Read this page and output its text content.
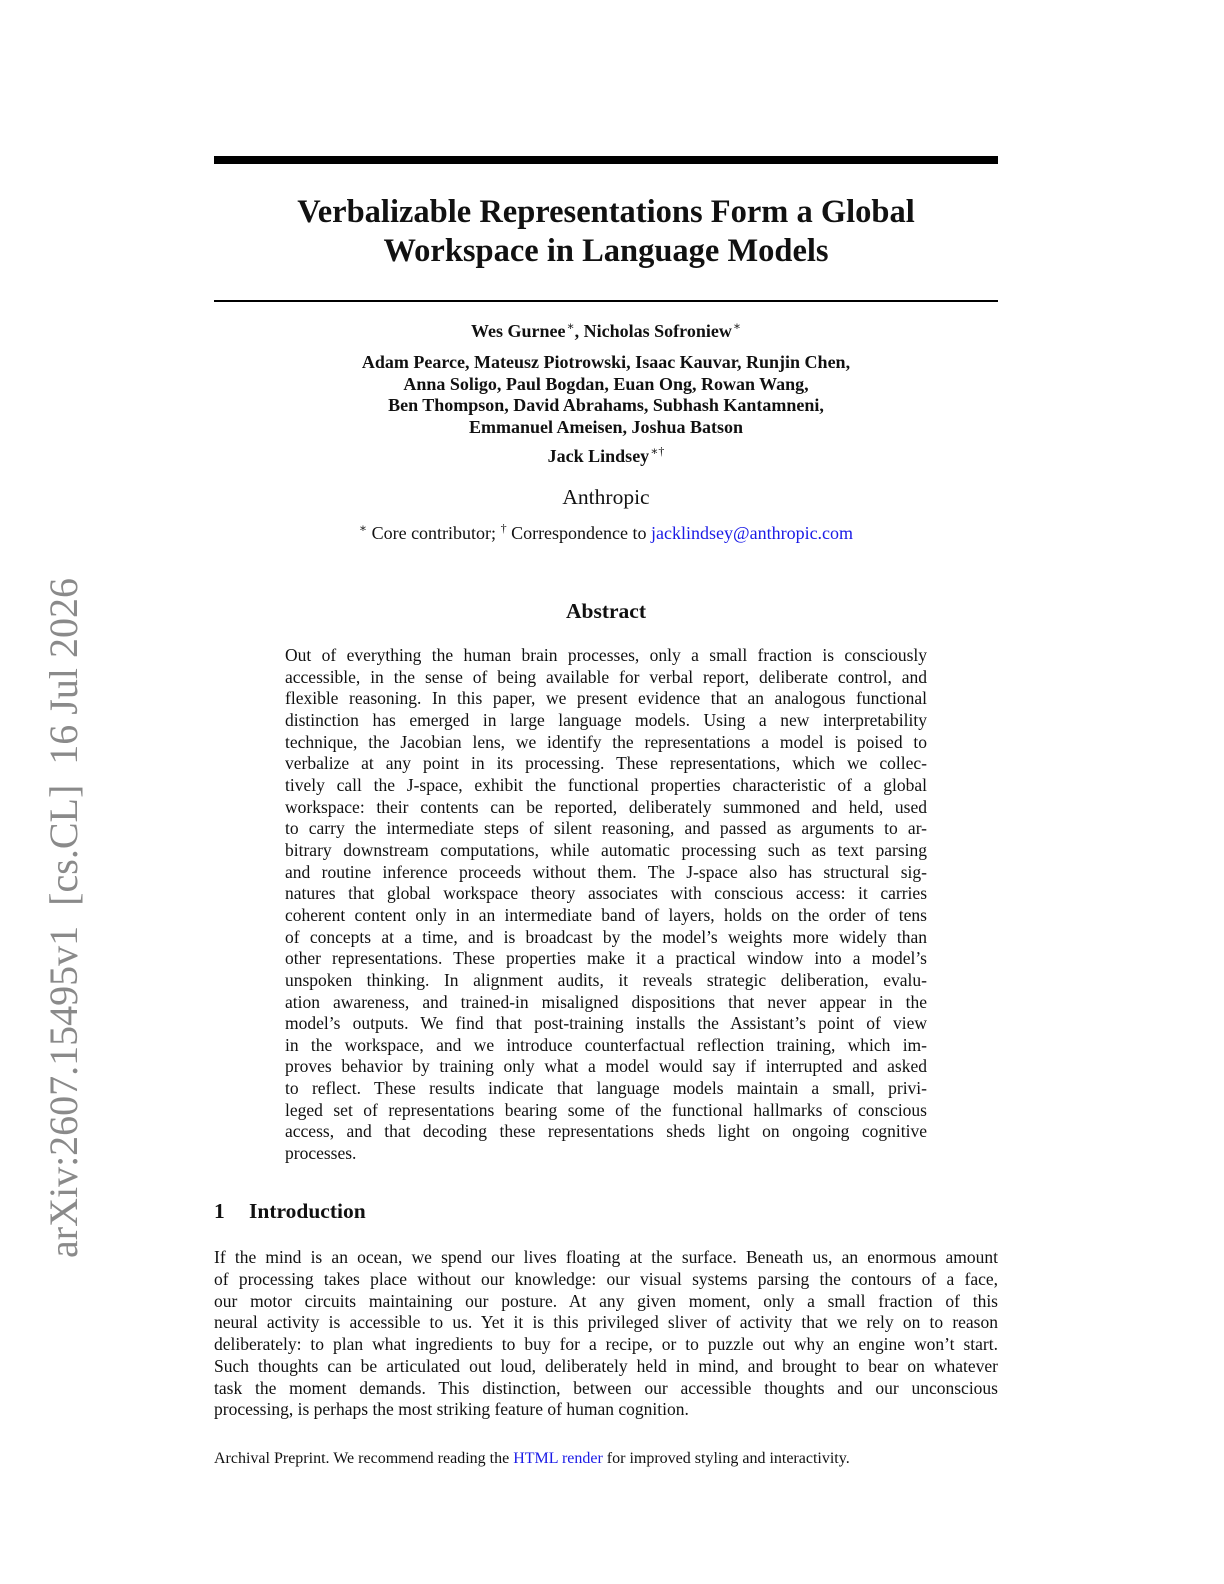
arXiv:2607.15495v1  [cs.CL]  16 Jul 2026
Verbalizable Representations Form a Global
Workspace in Language Models
Wes Gurnee∗, Nicholas Sofroniew∗
Adam Pearce, Mateusz Piotrowski, Isaac Kauvar, Runjin Chen,
Anna Soligo, Paul Bogdan, Euan Ong, Rowan Wang,
Ben Thompson, David Abrahams, Subhash Kantamneni,
Emmanuel Ameisen, Joshua Batson
Jack Lindsey∗†
Anthropic
∗ Core contributor; † Correspondence to jacklindsey@anthropic.com
Abstract
Out of everything the human brain processes, only a small fraction is consciously
accessible, in the sense of being available for verbal report, deliberate control, and
flexible reasoning. In this paper, we present evidence that an analogous functional
distinction has emerged in large language models. Using a new interpretability
technique, the Jacobian lens, we identify the representations a model is poised to
verbalize at any point in its processing. These representations, which we collec-
tively call the J-space, exhibit the functional properties characteristic of a global
workspace: their contents can be reported, deliberately summoned and held, used
to carry the intermediate steps of silent reasoning, and passed as arguments to ar-
bitrary downstream computations, while automatic processing such as text parsing
and routine inference proceeds without them. The J-space also has structural sig-
natures that global workspace theory associates with conscious access: it carries
coherent content only in an intermediate band of layers, holds on the order of tens
of concepts at a time, and is broadcast by the model’s weights more widely than
other representations. These properties make it a practical window into a model’s
unspoken thinking. In alignment audits, it reveals strategic deliberation, evalu-
ation awareness, and trained-in misaligned dispositions that never appear in the
model’s outputs. We find that post-training installs the Assistant’s point of view
in the workspace, and we introduce counterfactual reflection training, which im-
proves behavior by training only what a model would say if interrupted and asked
to reflect. These results indicate that language models maintain a small, privi-
leged set of representations bearing some of the functional hallmarks of conscious
access, and that decoding these representations sheds light on ongoing cognitive
processes.
1 Introduction
If the mind is an ocean, we spend our lives floating at the surface. Beneath us, an enormous amount
of processing takes place without our knowledge: our visual systems parsing the contours of a face,
our motor circuits maintaining our posture. At any given moment, only a small fraction of this
neural activity is accessible to us. Yet it is this privileged sliver of activity that we rely on to reason
deliberately: to plan what ingredients to buy for a recipe, or to puzzle out why an engine won’t start.
Such thoughts can be articulated out loud, deliberately held in mind, and brought to bear on whatever
task the moment demands. This distinction, between our accessible thoughts and our unconscious
processing, is perhaps the most striking feature of human cognition.
Archival Preprint. We recommend reading the HTML render for improved styling and interactivity.
